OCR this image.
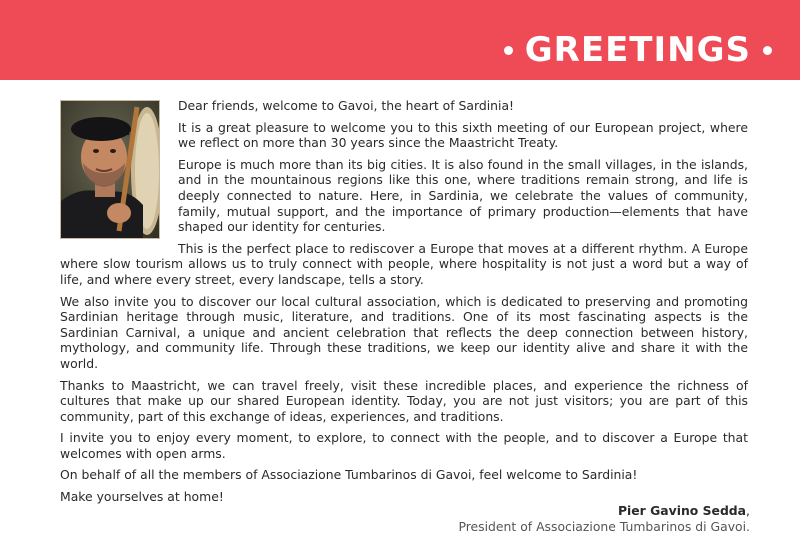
GREETINGS

Dear friends, welcome to Gavoi, the heart of Sardinia!

It is a great pleasure to welcome you to this sixth meeting of our European project, where we reflect on more than 30 years since the Maastricht Treaty.

Europe is much more than its big cities. It is also found in the small villages, in the islands, and in the mountainous regions like this one, where traditions remain strong, and life is deeply connected to nature. Here, in Sardinia, we celebrate the values of community, family, mutual support, and the importance of primary production—elements that have shaped our identity for centuries.

This is the perfect place to rediscover a Europe that moves at a different rhythm. A Europe where slow tourism allows us to truly connect with people, where hospitality is not just a word but a way of life, and where every street, every landscape, tells a story.

We also invite you to discover our local cultural association, which is dedicated to preserving and promoting Sardinian heritage through music, literature, and traditions. One of its most fascinating aspects is the Sardinian Carnival, a unique and ancient celebration that reflects the deep connection between history, mythology, and community life. Through these traditions, we keep our identity alive and share it with the world.

Thanks to Maastricht, we can travel freely, visit these incredible places, and experience the richness of cultures that make up our shared European identity. Today, you are not just visitors; you are part of this community, part of this exchange of ideas, experiences, and traditions.

I invite you to enjoy every moment, to explore, to connect with the people, and to discover a Europe that welcomes with open arms.

On behalf of all the members of Associazione Tumbarinos di Gavoi, feel welcome to Sardinia!

Make yourselves at home!

Pier Gavino Sedda,
President of Associazione Tumbarinos di Gavoi.
